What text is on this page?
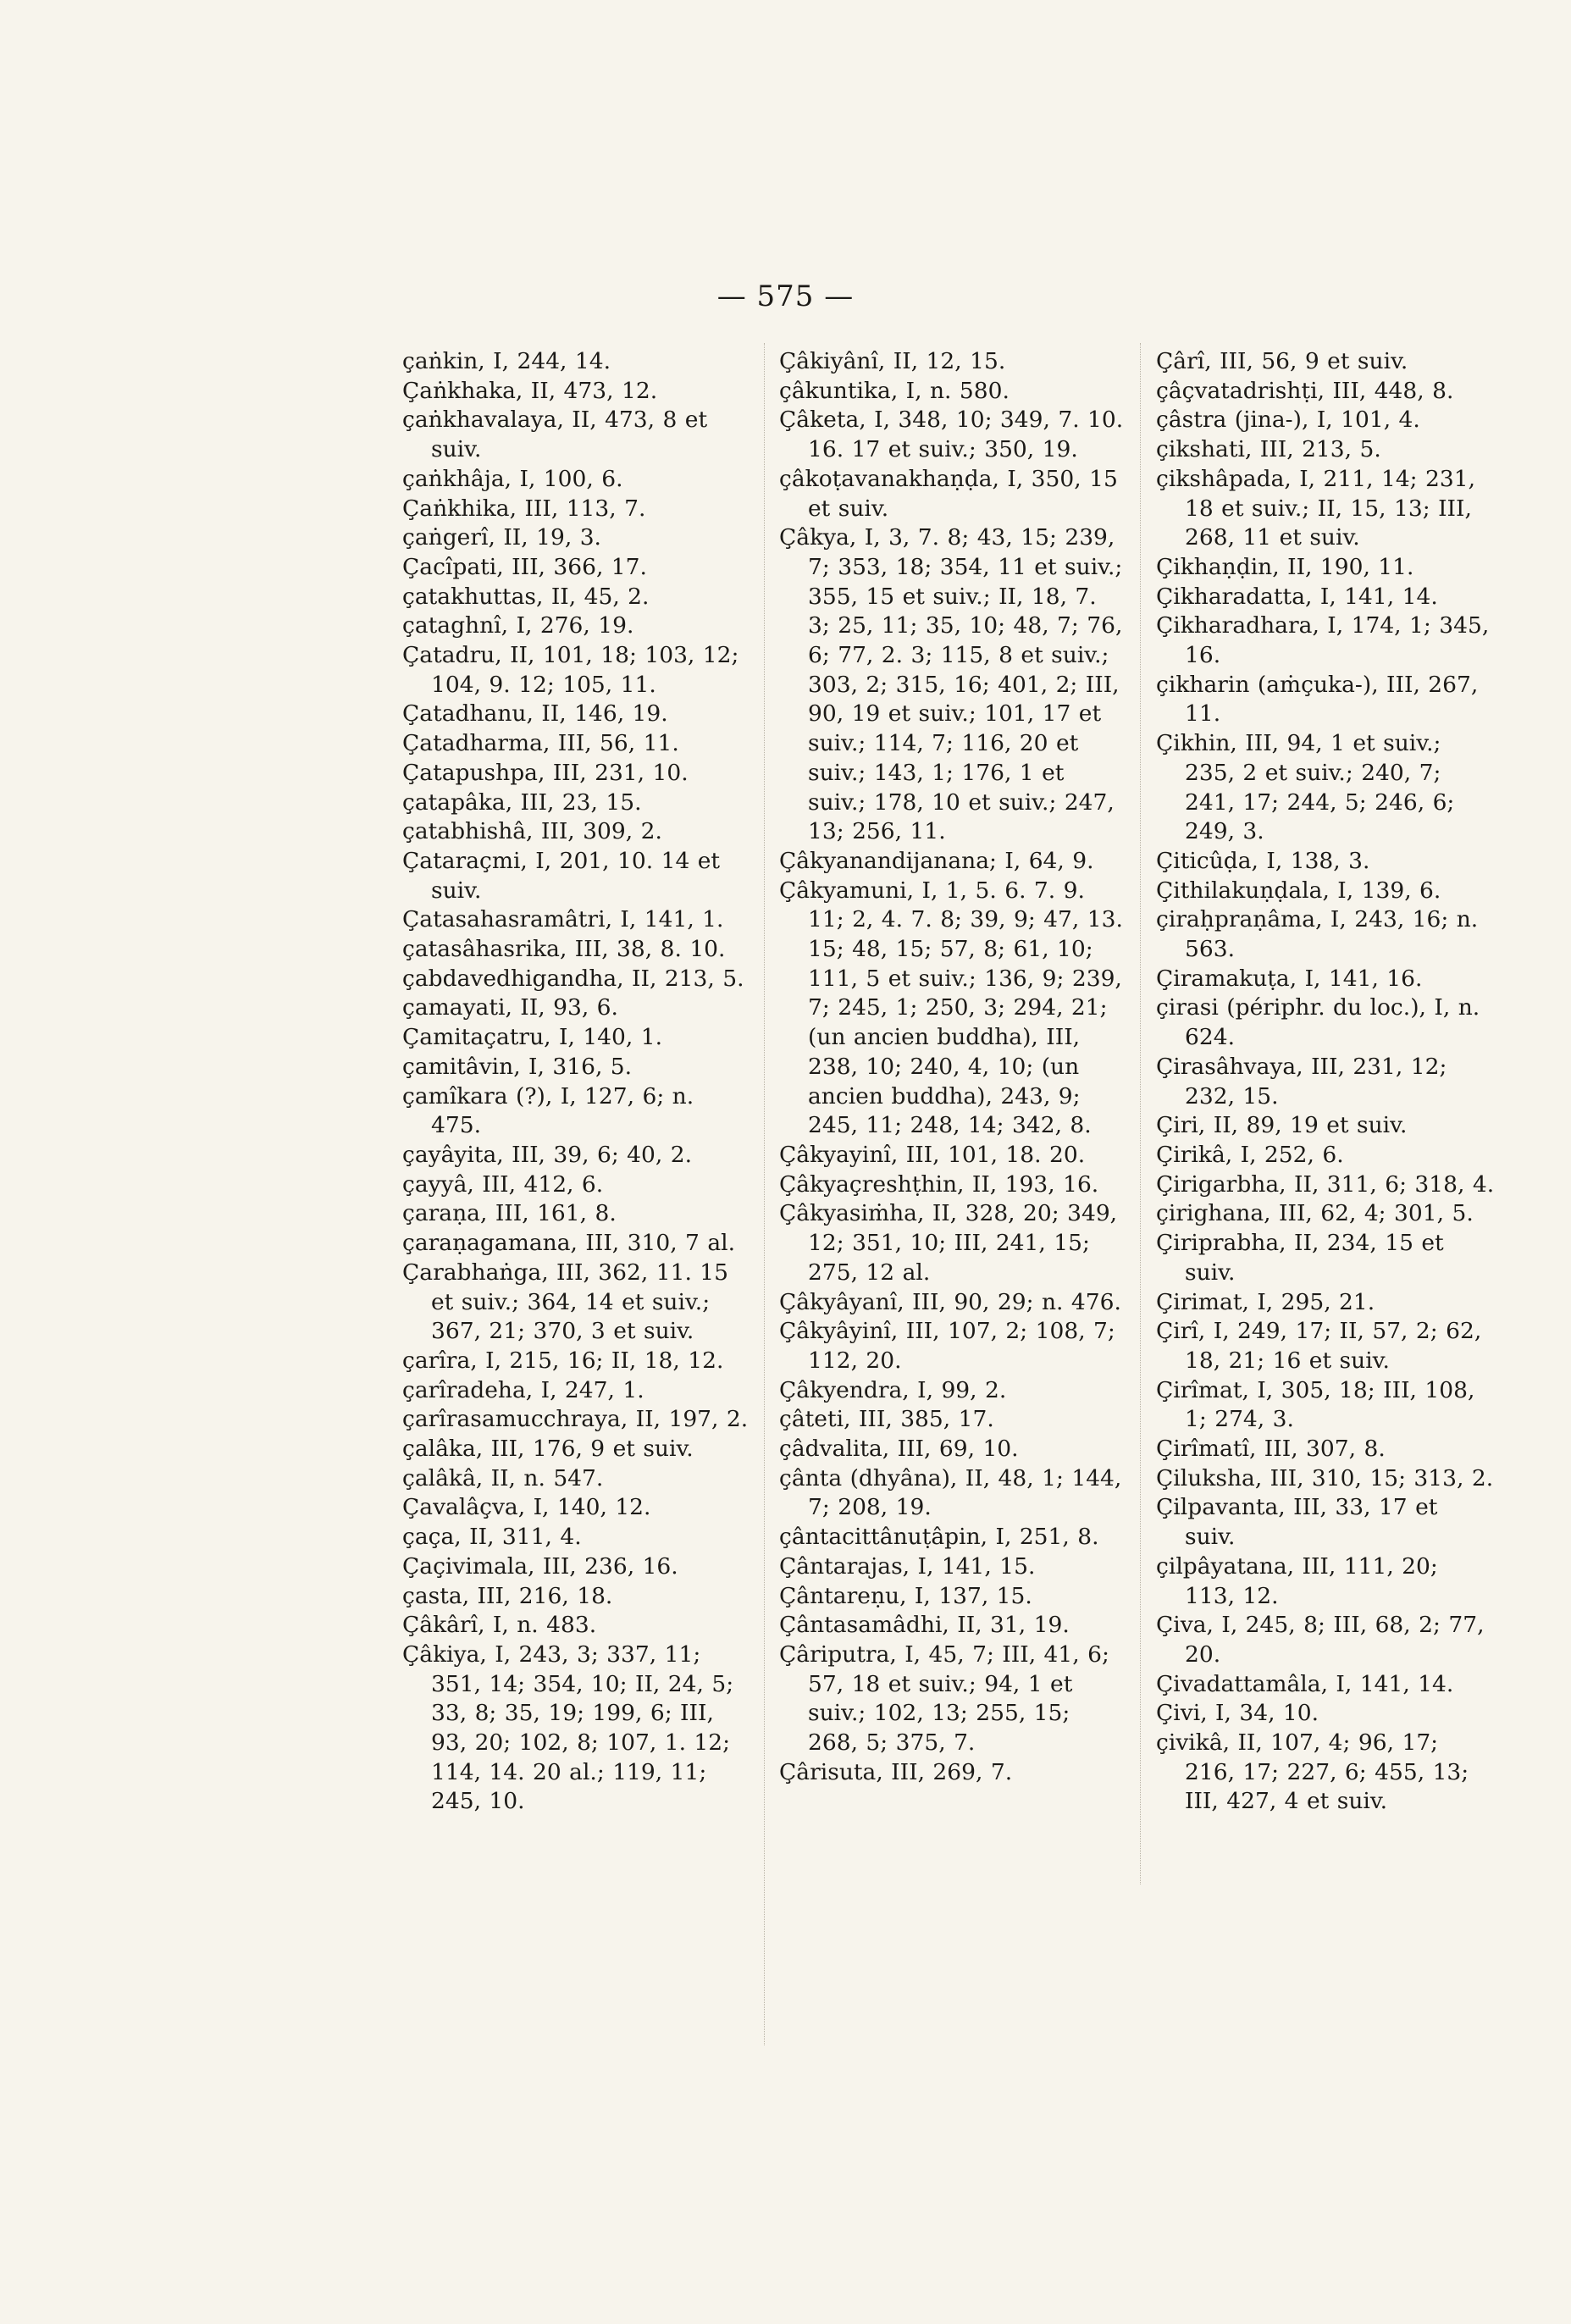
— 575 —
çaṅkin, I, 244, 14.
Çaṅkhaka, II, 473, 12.
çaṅkhavalaya, II, 473, 8 et suiv.
çaṅkhâja, I, 100, 6.
Çaṅkhika, III, 113, 7.
çaṅgerî, II, 19, 3.
Çacîpati, III, 366, 17.
çatakhuttas, II, 45, 2.
çataghnî, I, 276, 19.
Çatadru, II, 101, 18; 103, 12; 104, 9. 12; 105, 11.
Çatadhanu, II, 146, 19.
Çatadharma, III, 56, 11.
Çatapushpa, III, 231, 10.
çatapâka, III, 23, 15.
çatabhishâ, III, 309, 2.
Çataraçmi, I, 201, 10. 14 et suiv.
Çatasahasramâtri, I, 141, 1.
çatasâhasrika, III, 38, 8. 10.
çabdavedhigandha, II, 213, 5.
çamayati, II, 93, 6.
Çamitaçatru, I, 140, 1.
çamitâvin, I, 316, 5.
çamîkara (?), I, 127, 6; n. 475.
çayâyita, III, 39, 6; 40, 2.
çayyâ, III, 412, 6.
çaraṇa, III, 161, 8.
çaraṇagamana, III, 310, 7 al.
Çarabhaṅga, III, 362, 11. 15 et suiv.; 364, 14 et suiv.; 367, 21; 370, 3 et suiv.
çarîra, I, 215, 16; II, 18, 12.
çarîradeha, I, 247, 1.
çarîrasamucchraya, II, 197, 2.
çalâka, III, 176, 9 et suiv.
çalâkâ, II, n. 547.
Çavalâçva, I, 140, 12.
çaça, II, 311, 4.
Çaçivimala, III, 236, 16.
çasta, III, 216, 18.
Çâkârî, I, n. 483.
Çâkiya, I, 243, 3; 337, 11; 351, 14; 354, 10; II, 24, 5; 33, 8; 35, 19; 199, 6; III, 93, 20; 102, 8; 107, 1. 12; 114, 14. 20 al.; 119, 11; 245, 10.
Çâkiyânî, II, 12, 15.
çâkuntika, I, n. 580.
Çâketa, I, 348, 10; 349, 7. 10. 16. 17 et suiv.; 350, 19.
çâkoṭavanakhaṇḍa, I, 350, 15 et suiv.
Çâkya, I, 3, 7. 8; 43, 15; 239, 7; 353, 18; 354, 11 et suiv.; 355, 15 et suiv.; II, 18, 7. 3; 25, 11; 35, 10; 48, 7; 76, 6; 77, 2. 3; 115, 8 et suiv.; 303, 2; 315, 16; 401, 2; III, 90, 19 et suiv.; 101, 17 et suiv.; 114, 7; 116, 20 et suiv.; 143, 1; 176, 1 et suiv.; 178, 10 et suiv.; 247, 13; 256, 11.
Çâkyanandijanana; I, 64, 9.
Çâkyamuni, I, 1, 5. 6. 7. 9. 11; 2, 4. 7. 8; 39, 9; 47, 13. 15; 48, 15; 57, 8; 61, 10; 111, 5 et suiv.; 136, 9; 239, 7; 245, 1; 250, 3; 294, 21; (un ancien buddha), III, 238, 10; 240, 4, 10; (un ancien buddha), 243, 9; 245, 11; 248, 14; 342, 8.
Çâkyayinî, III, 101, 18. 20.
Çâkyaçreshṭhin, II, 193, 16.
Çâkyasiṁha, II, 328, 20; 349, 12; 351, 10; III, 241, 15; 275, 12 al.
Çâkyâyanî, III, 90, 29; n. 476.
Çâkyâyinî, III, 107, 2; 108, 7; 112, 20.
Çâkyendra, I, 99, 2.
çâteti, III, 385, 17.
çâdvalita, III, 69, 10.
çânta (dhyâna), II, 48, 1; 144, 7; 208, 19.
çântacittânuṭâpin, I, 251, 8.
Çântarajas, I, 141, 15.
Çântareṇu, I, 137, 15.
Çântasamâdhi, II, 31, 19.
Çâriputra, I, 45, 7; III, 41, 6; 57, 18 et suiv.; 94, 1 et suiv.; 102, 13; 255, 15; 268, 5; 375, 7.
Çârisuta, III, 269, 7.
Çârî, III, 56, 9 et suiv.
çâçvatadrishṭi, III, 448, 8.
çâstra (jina-), I, 101, 4.
çikshati, III, 213, 5.
çikshâpada, I, 211, 14; 231, 18 et suiv.; II, 15, 13; III, 268, 11 et suiv.
Çikhaṇḍin, II, 190, 11.
Çikharadatta, I, 141, 14.
Çikharadhara, I, 174, 1; 345, 16.
çikharin (aṁçuka-), III, 267, 11.
Çikhin, III, 94, 1 et suiv.; 235, 2 et suiv.; 240, 7; 241, 17; 244, 5; 246, 6; 249, 3.
Çiticûḍa, I, 138, 3.
Çithilakuṇḍala, I, 139, 6.
çiraḥpraṇâma, I, 243, 16; n. 563.
Çiramakuṭa, I, 141, 16.
çirasi (périphr. du loc.), I, n. 624.
Çirasâhvaya, III, 231, 12; 232, 15.
Çiri, II, 89, 19 et suiv.
Çirikâ, I, 252, 6.
Çirigarbha, II, 311, 6; 318, 4.
çirighana, III, 62, 4; 301, 5.
Çiriprabha, II, 234, 15 et suiv.
Çirimat, I, 295, 21.
Çirî, I, 249, 17; II, 57, 2; 62, 18, 21; 16 et suiv.
Çirîmat, I, 305, 18; III, 108, 1; 274, 3.
Çirîmatî, III, 307, 8.
Çiluksha, III, 310, 15; 313, 2.
Çilpavanta, III, 33, 17 et suiv.
çilpâyatana, III, 111, 20; 113, 12.
Çiva, I, 245, 8; III, 68, 2; 77, 20.
Çivadattamâla, I, 141, 14.
Çivi, I, 34, 10.
çivikâ, II, 107, 4; 96, 17; 216, 17; 227, 6; 455, 13; III, 427, 4 et suiv.
